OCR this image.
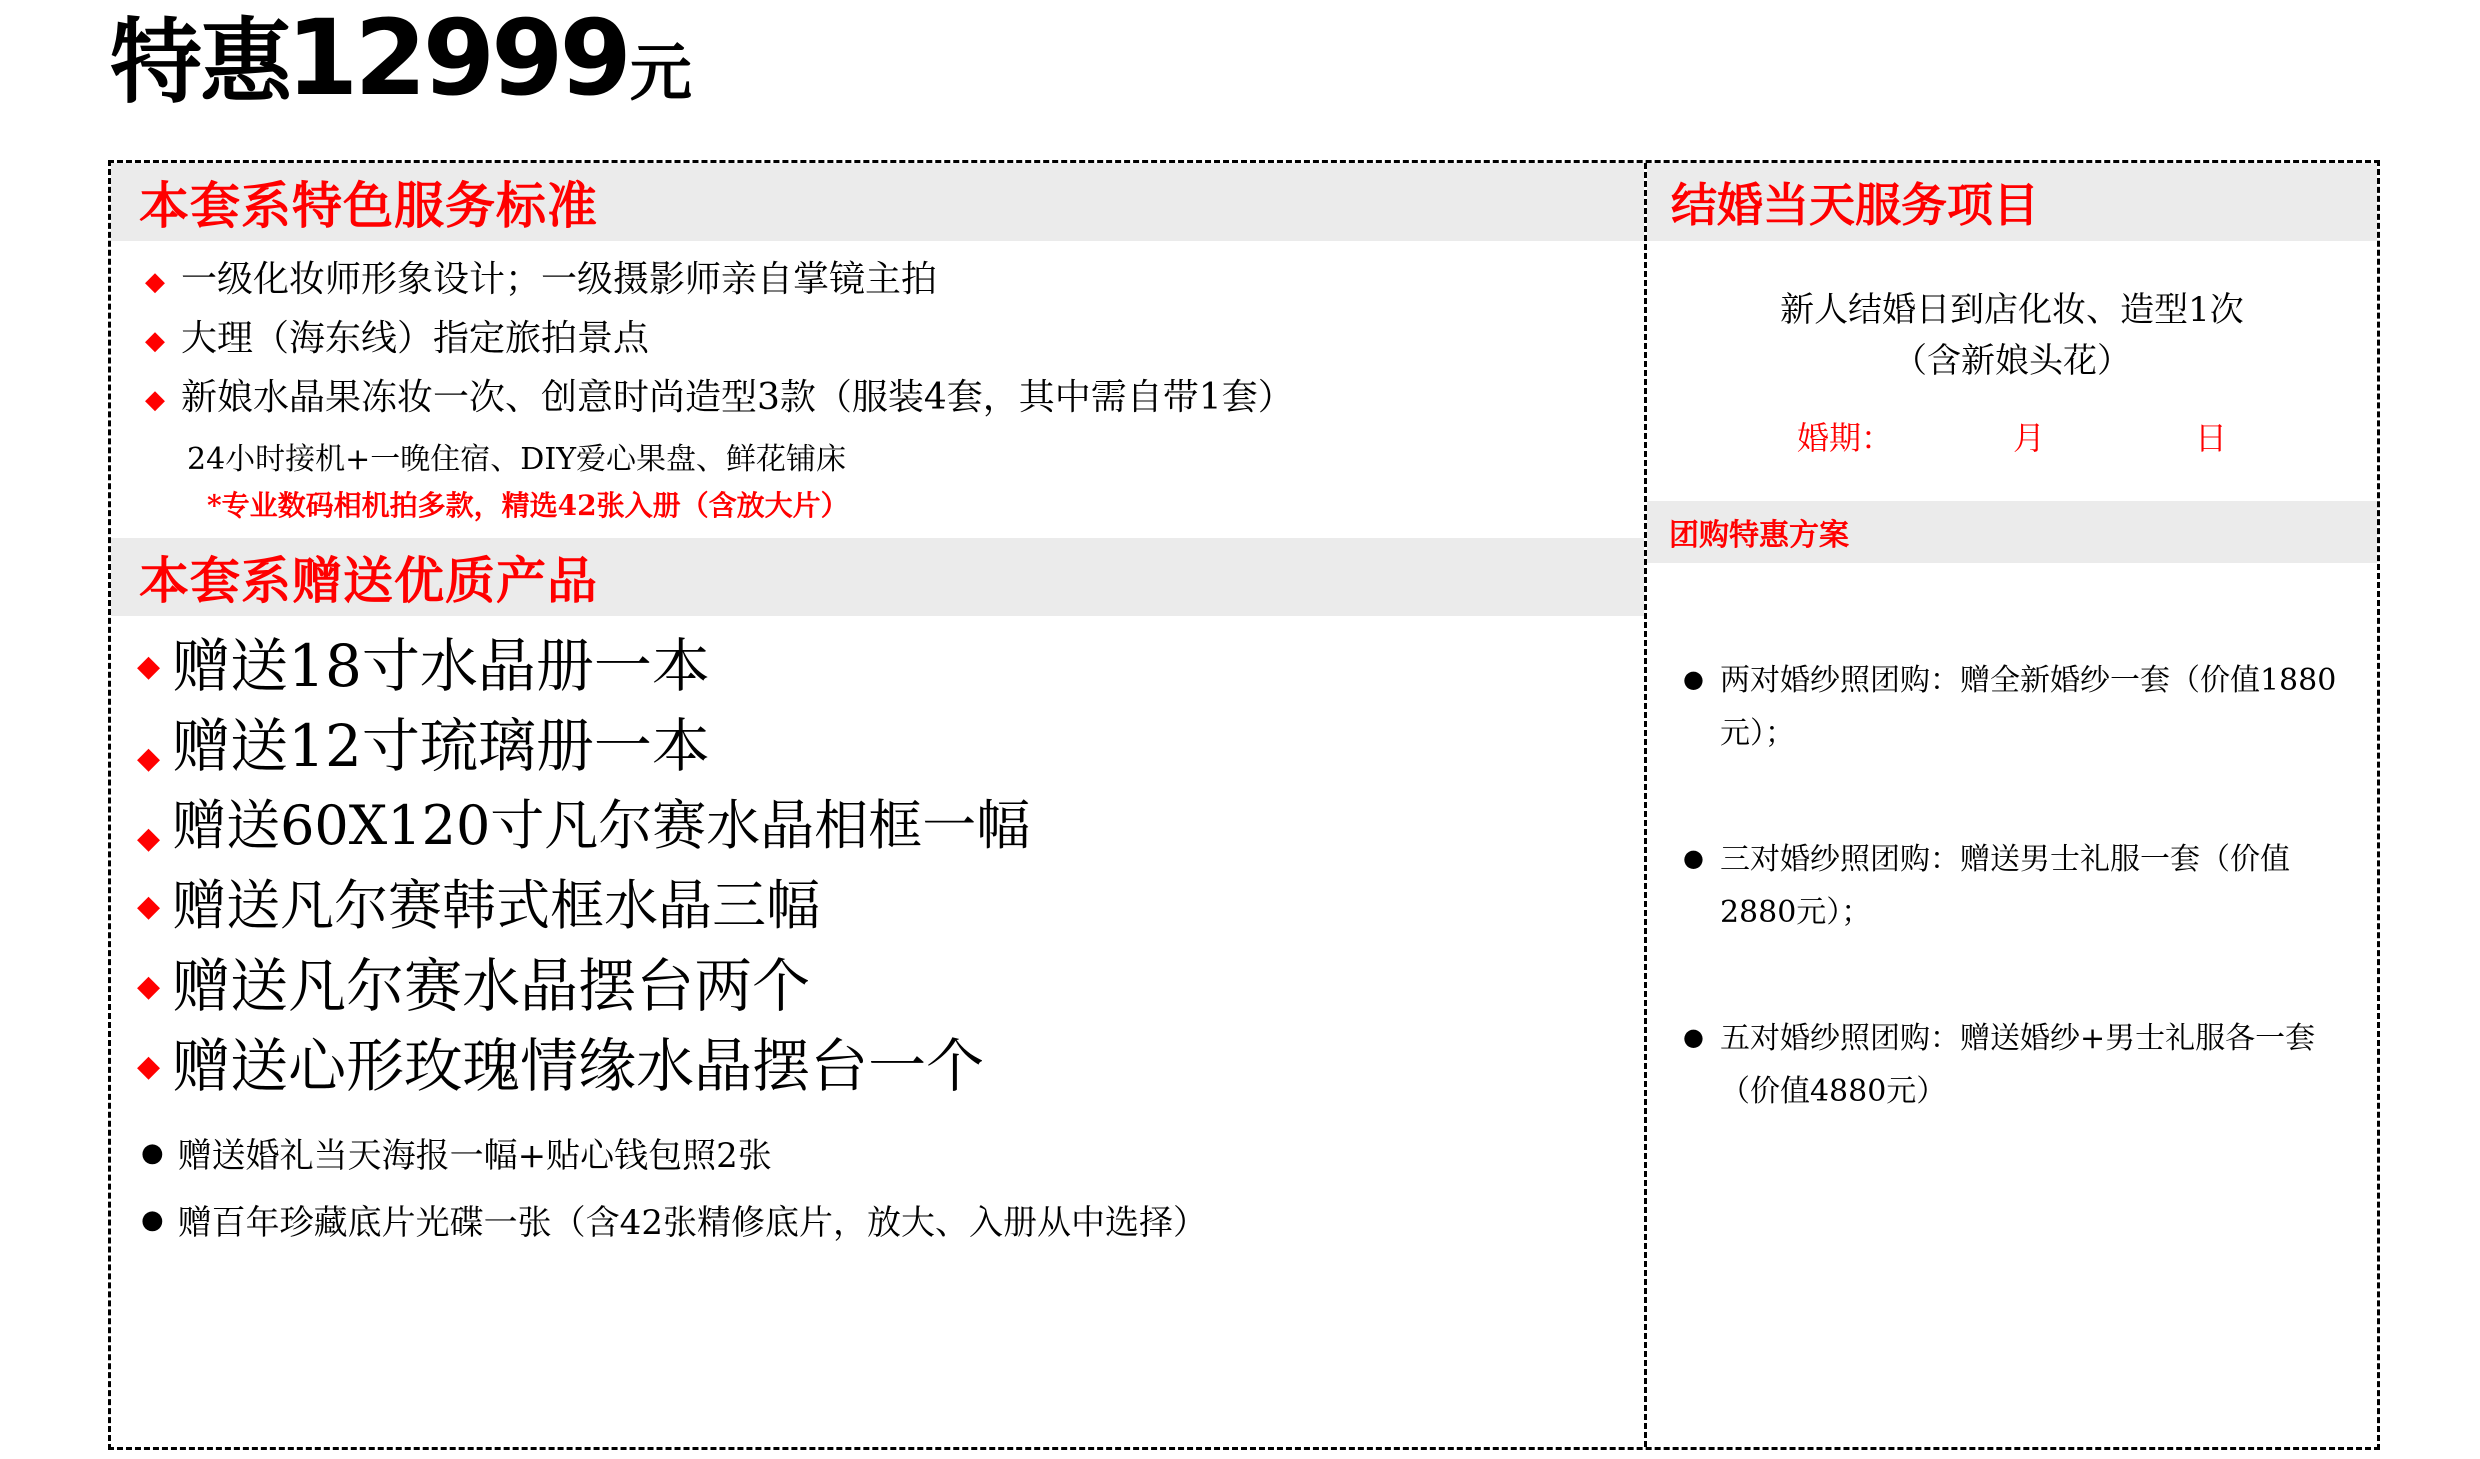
特惠
12999 元
本套系特色服务标准
◆ 一级化妆师形象设计；一级摄影师亲自掌镜主拍
◆ 大理（海东线）指定旅拍景点
◆ 新娘水晶果冻妆一次、创意时尚造型3款（服装4套，其中需自带1套）
24小时接机+一晚住宿、DIY爱心果盘、鲜花铺床
*专业数码相机拍多款，精选42张入册（含放大片）
本套系赠送优质产品
◆ 赠送18寸水晶册一本
◆ 赠送12寸琉璃册一本
◆ 赠送60X120寸凡尔赛水晶相框一幅
◆ 赠送凡尔赛韩式框水晶三幅
◆ 赠送凡尔赛水晶摆台两个
◆ 赠送心形玫瑰情缘水晶摆台一个
● 赠送婚礼当天海报一幅+贴心钱包照2张
● 赠百年珍藏底片光碟一张（含42张精修底片，放大、入册从中选择）
结婚当天服务项目
新人结婚日到店化妆、造型1次
（含新娘头花）
婚期：	月	日
团购特惠方案
● 两对婚纱照团购：赠全新婚纱一套（价值1880元）；
● 三对婚纱照团购：赠送男士礼服一套（价值2880元）；
● 五对婚纱照团购：赠送婚纱+男士礼服各一套（价值4880元）
